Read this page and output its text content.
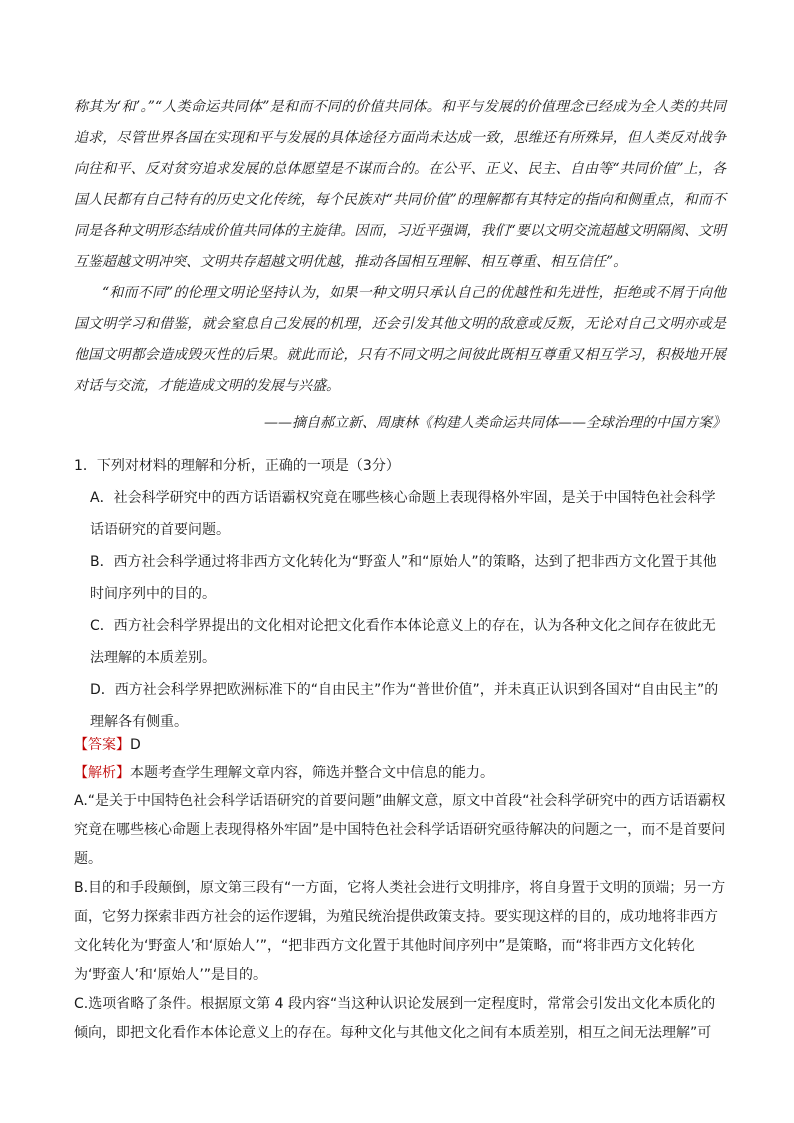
称其为‘和’。”“人类命运共同体”是和而不同的价值共同体。和平与发展的价值理念已经成为全人类的共同追求，尽管世界各国在实现和平与发展的具体途径方面尚未达成一致，思维还有所殊异，但人类反对战争向往和平、反对贫穷追求发展的总体愿望是不谋而合的。在公平、正义、民主、自由等“共同价值”上，各国人民都有自己特有的历史文化传统，每个民族对“共同价值”的理解都有其特定的指向和侧重点，和而不同是各种文明形态结成价值共同体的主旋律。因而，习近平强调，我们“要以文明交流超越文明隔阂、文明互鉴超越文明冲突、文明共存超越文明优越，推动各国相互理解、相互尊重、相互信任”。

“和而不同”的伦理文明论坚持认为，如果一种文明只承认自己的优越性和先进性，拒绝或不屑于向他国文明学习和借鉴，就会窒息自己发展的机理，还会引发其他文明的敌意或反叛，无论对自己文明亦或是他国文明都会造成毁灭性的后果。就此而论，只有不同文明之间彼此既相互尊重又相互学习，积极地开展对话与交流，才能造成文明的发展与兴盛。

——摘自郝立新、周康林《构建人类命运共同体——全球治理的中国方案》

1．下列对材料的理解和分析，正确的一项是（3分）

A．社会科学研究中的西方话语霸权究竟在哪些核心命题上表现得格外牢固，是关于中国特色社会科学话语研究的首要问题。

B．西方社会科学通过将非西方文化转化为“野蛮人”和“原始人”的策略，达到了把非西方文化置于其他时间序列中的目的。

C．西方社会科学界提出的文化相对论把文化看作本体论意义上的存在，认为各种文化之间存在彼此无法理解的本质差别。

D．西方社会科学界把欧洲标准下的“自由民主”作为“普世价值”，并未真正认识到各国对“自由民主”的理解各有侧重。

【答案】D

【解析】本题考查学生理解文章内容，筛选并整合文中信息的能力。

A.“是关于中国特色社会科学话语研究的首要问题”曲解文意，原文中首段“社会科学研究中的西方话语霸权究竟在哪些核心命题上表现得格外牢固”是中国特色社会科学话语研究亟待解决的问题之一，而不是首要问题。

B.目的和手段颠倒，原文第三段有“一方面，它将人类社会进行文明排序，将自身置于文明的顶端；另一方面，它努力探索非西方社会的运作逻辑，为殖民统治提供政策支持。要实现这样的目的，成功地将非西方文化转化为‘野蛮人’和‘原始人’”，“把非西方文化置于其他时间序列中”是策略，而“将非西方文化转化为‘野蛮人’和‘原始人’”是目的。

C.选项省略了条件。根据原文第 4 段内容“当这种认识论发展到一定程度时，常常会引发出文化本质化的倾向，即把文化看作本体论意义上的存在。每种文化与其他文化之间有本质差别，相互之间无法理解”可
